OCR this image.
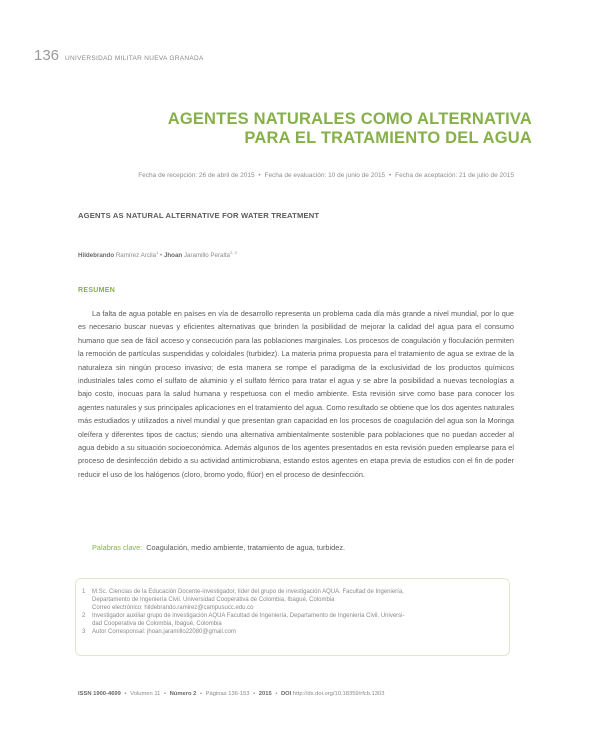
136 UNIVERSIDAD MILITAR NUEVA GRANADA
AGENTES NATURALES COMO ALTERNATIVA
PARA EL TRATAMIENTO DEL AGUA
Fecha de recepción: 26 de abril de 2015 • Fecha de evaluación: 10 de junio de 2015 • Fecha de aceptación: 21 de julio de 2015
AGENTS AS NATURAL ALTERNATIVE FOR WATER TREATMENT
Hildebrando Ramírez Arcila$^1$ • Jhoan Jaramillo Peralta$^{2, 3}$
RESUMEN
La falta de agua potable en países en vía de desarrollo representa un problema cada día más grande a nivel mundial, por lo que es necesario buscar nuevas y eficientes alternativas que brinden la posibilidad de mejorar la calidad del agua para el consumo humano que sea de fácil acceso y consecución para las poblaciones marginales. Los procesos de coagulación y floculación permiten la remoción de partículas suspendidas y coloidales (turbidez). La materia prima propuesta para el tratamiento de agua se extrae de la naturaleza sin ningún proceso invasivo; de esta manera se rompe el paradigma de la exclusividad de los productos químicos industriales tales como el sulfato de aluminio y el sulfato férrico para tratar el agua y se abre la posibilidad a nuevas tecnologías a bajo costo, inocuas para la salud humana y respetuosa con el medio ambiente. Esta revisión sirve como base para conocer los agentes naturales y sus principales aplicaciones en el tratamiento del agua. Como resultado se obtiene que los dos agentes naturales más estudiados y utilizados a nivel mundial y que presentan gran capacidad en los procesos de coagulación del agua son la Moringa oleífera y diferentes tipos de cactus; siendo una alternativa ambientalmente sostenible para poblaciones que no puedan acceder al agua debido a su situación socioeconómica. Además algunos de los agentes presentados en esta revisión pueden emplearse para el proceso de desinfección debido a su actividad antimicrobiana, estando estos agentes en etapa previa de estudios con el fin de poder reducir el uso de los halógenos (cloro, bromo yodo, flúor) en el proceso de desinfección.
Palabras clave: Coagulación, medio ambiente, tratamiento de agua, turbidez.
1	M.Sc. Ciencias de la Educación Docente-investigador, líder del grupo de investigación AQUA. Facultad de Ingeniería,
Departamento de Ingeniería Civil. Universidad Cooperativa de Colombia, Ibagué, Colombia
Correo electrónico: hildebrando.ramirez@campusucc.edu.co
2	Investigador auxiliar grupo de investigación AQUA Facultad de Ingeniería, Departamento de Ingeniería Civil. Universi-
dad Cooperativa de Colombia, Ibagué, Colombia
3	Autor Corresponsal: jhoan.jaramillo22080@gmail.com
ISSN 1900-4699 • Volumen 11 • Número 2 • Páginas 136-153 • 2015 • DOI http://dx.doi.org/10.18359/rfcb.1303
